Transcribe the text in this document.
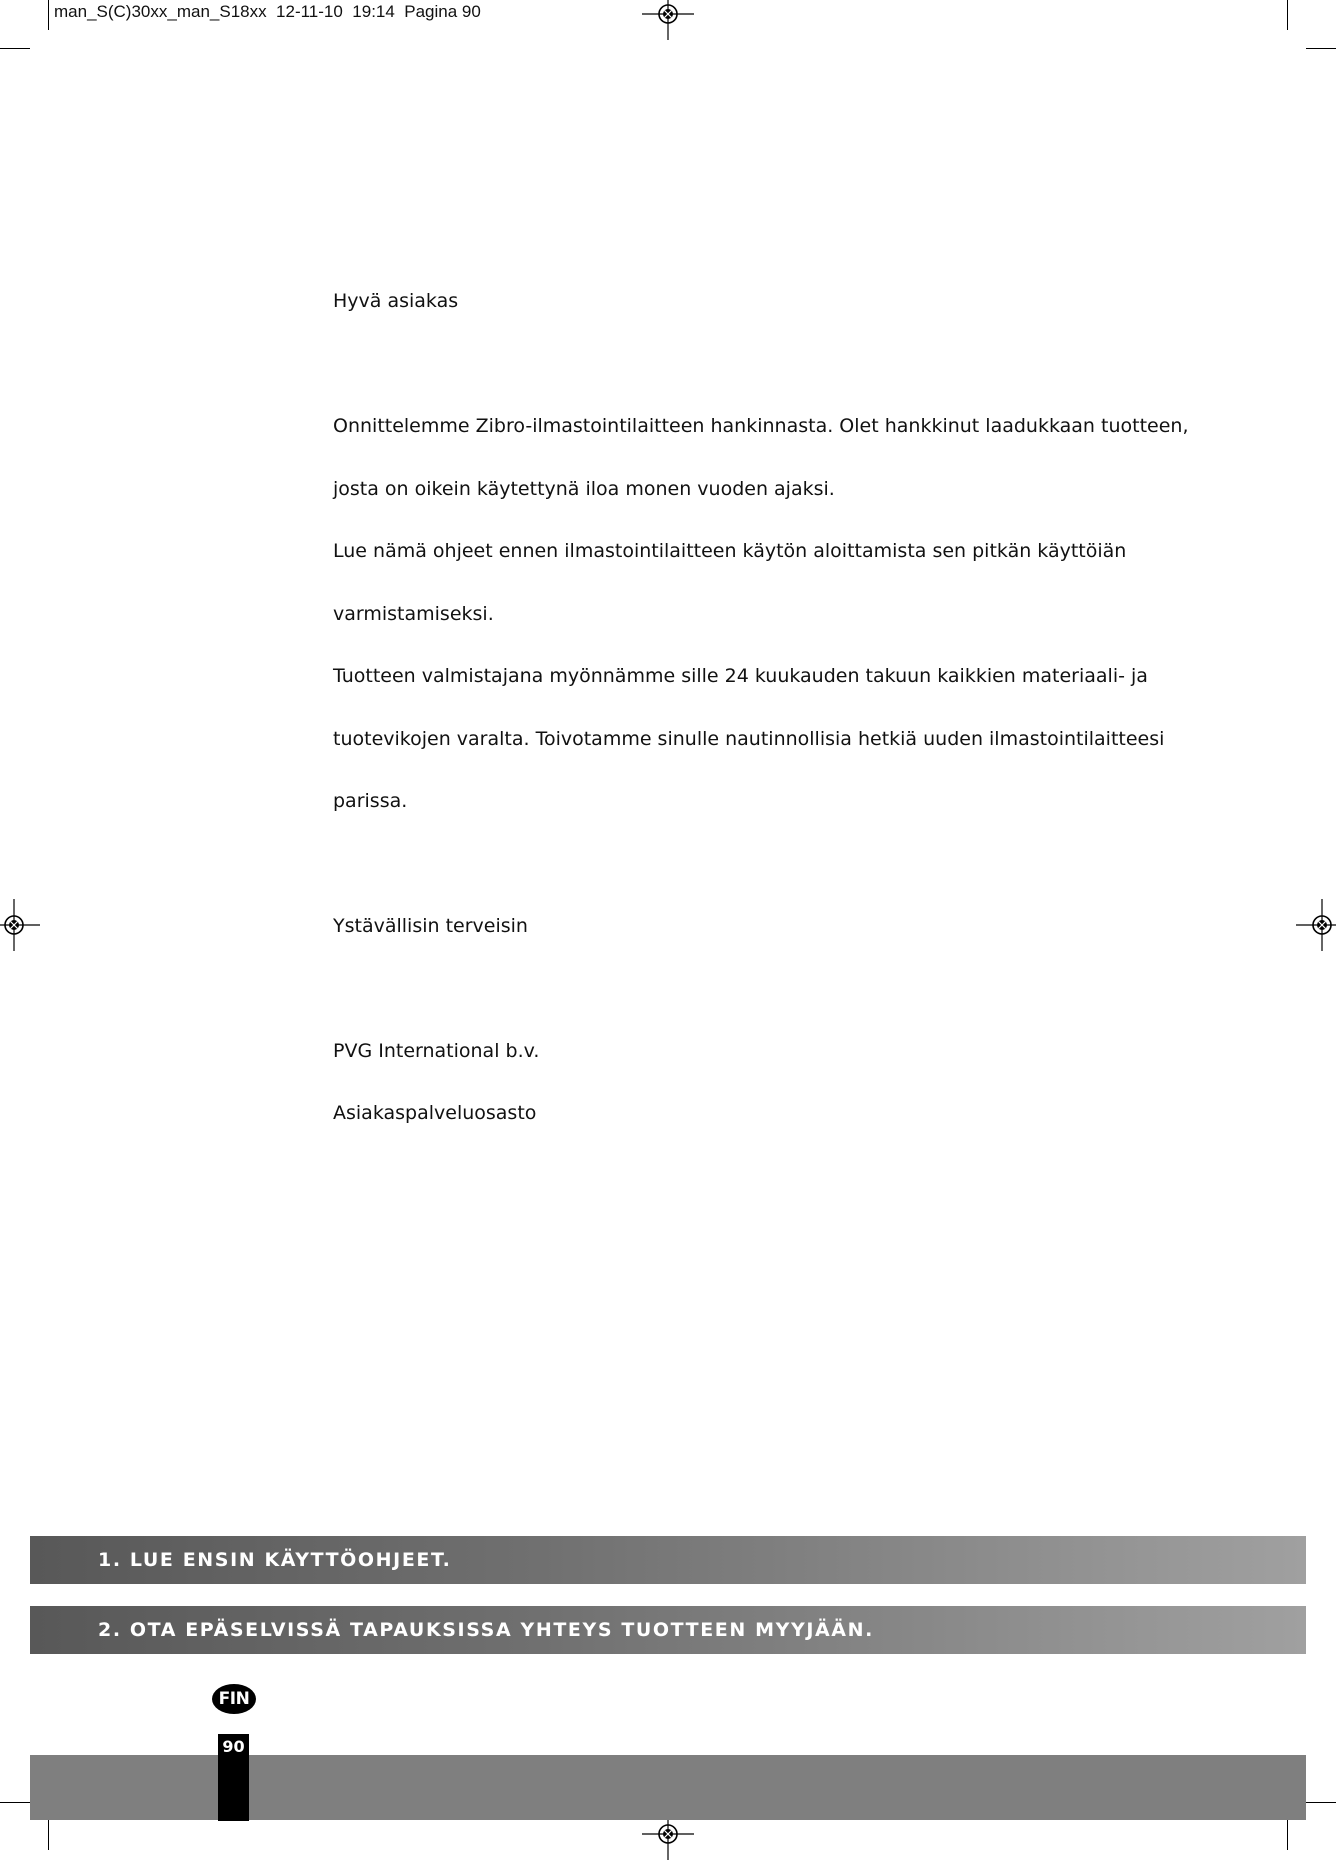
man_S(C)30xx_man_S18xx  12-11-10  19:14  Pagina 90

Hyvä asiakas

Onnittelemme Zibro-ilmastointilaitteen hankinnasta. Olet hankkinut laadukkaan tuotteen,

josta on oikein käytettynä iloa monen vuoden ajaksi.

Lue nämä ohjeet ennen ilmastointilaitteen käytön aloittamista sen pitkän käyttöiän

varmistamiseksi.

Tuotteen valmistajana myönnämme sille 24 kuukauden takuun kaikkien materiaali- ja

tuotevikojen varalta. Toivotamme sinulle nautinnollisia hetkiä uuden ilmastointilaitteesi

parissa.

Ystävällisin terveisin

PVG International b.v.

Asiakaspalveluosasto

1. LUE ENSIN KÄYTTÖOHJEET.
2. OTA EPÄSELVISSÄ TAPAUKSISSA YHTEYS TUOTTEEN MYYJÄÄN.
FIN
90
